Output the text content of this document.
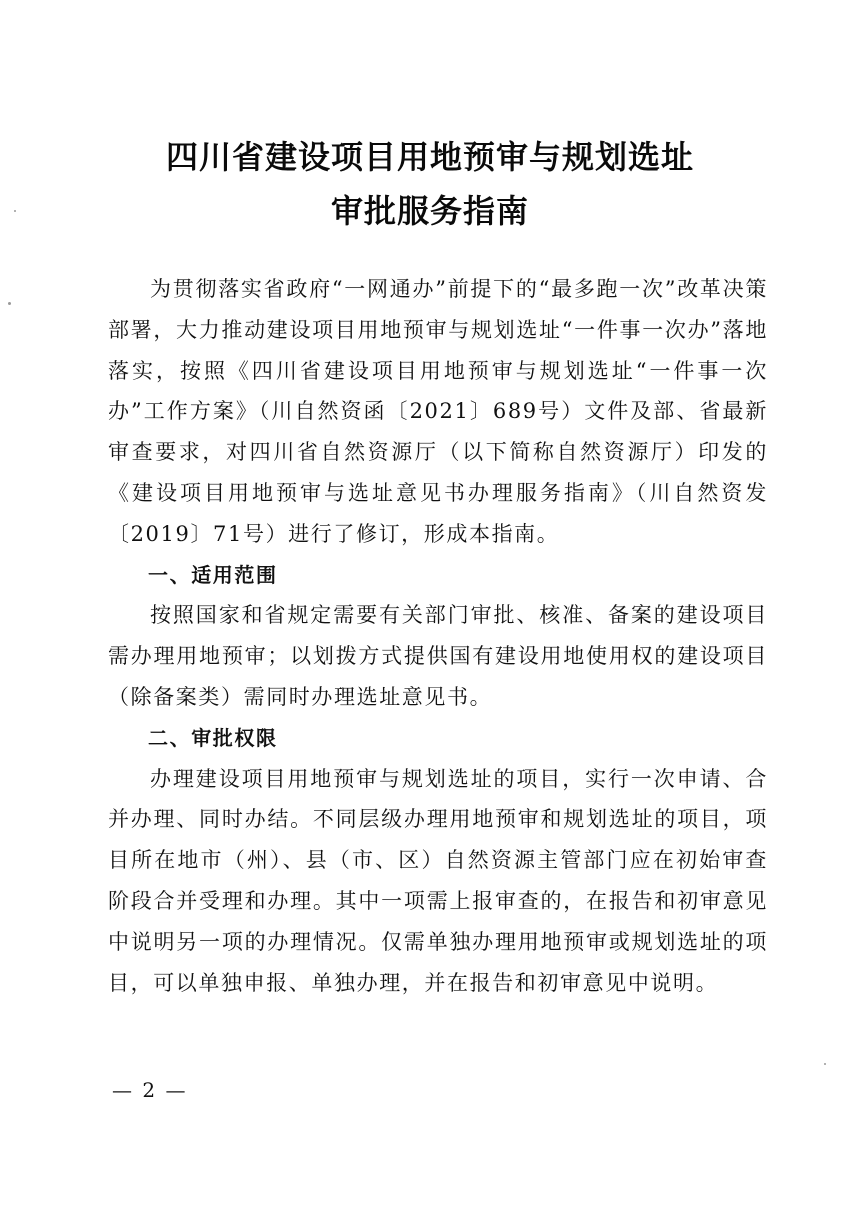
四川省建设项目用地预审与规划选址
审批服务指南

为贯彻落实省政府“一网通办”前提下的“最多跑一次”改革决策部署，大力推动建设项目用地预审与规划选址“一件事一次办”落地落实，按照《四川省建设项目用地预审与规划选址“一件事一次办”工作方案》（川自然资函〔2021〕689号）文件及部、省最新审查要求，对四川省自然资源厅（以下简称自然资源厅）印发的《建设项目用地预审与选址意见书办理服务指南》（川自然资发〔2019〕71号）进行了修订，形成本指南。

一、适用范围

按照国家和省规定需要有关部门审批、核准、备案的建设项目需办理用地预审；以划拨方式提供国有建设用地使用权的建设项目（除备案类）需同时办理选址意见书。

二、审批权限

办理建设项目用地预审与规划选址的项目，实行一次申请、合并办理、同时办结。不同层级办理用地预审和规划选址的项目，项目所在地市（州）、县（市、区）自然资源主管部门应在初始审查阶段合并受理和办理。其中一项需上报审查的，在报告和初审意见中说明另一项的办理情况。仅需单独办理用地预审或规划选址的项目，可以单独申报、单独办理，并在报告和初审意见中说明。

— 2 —
